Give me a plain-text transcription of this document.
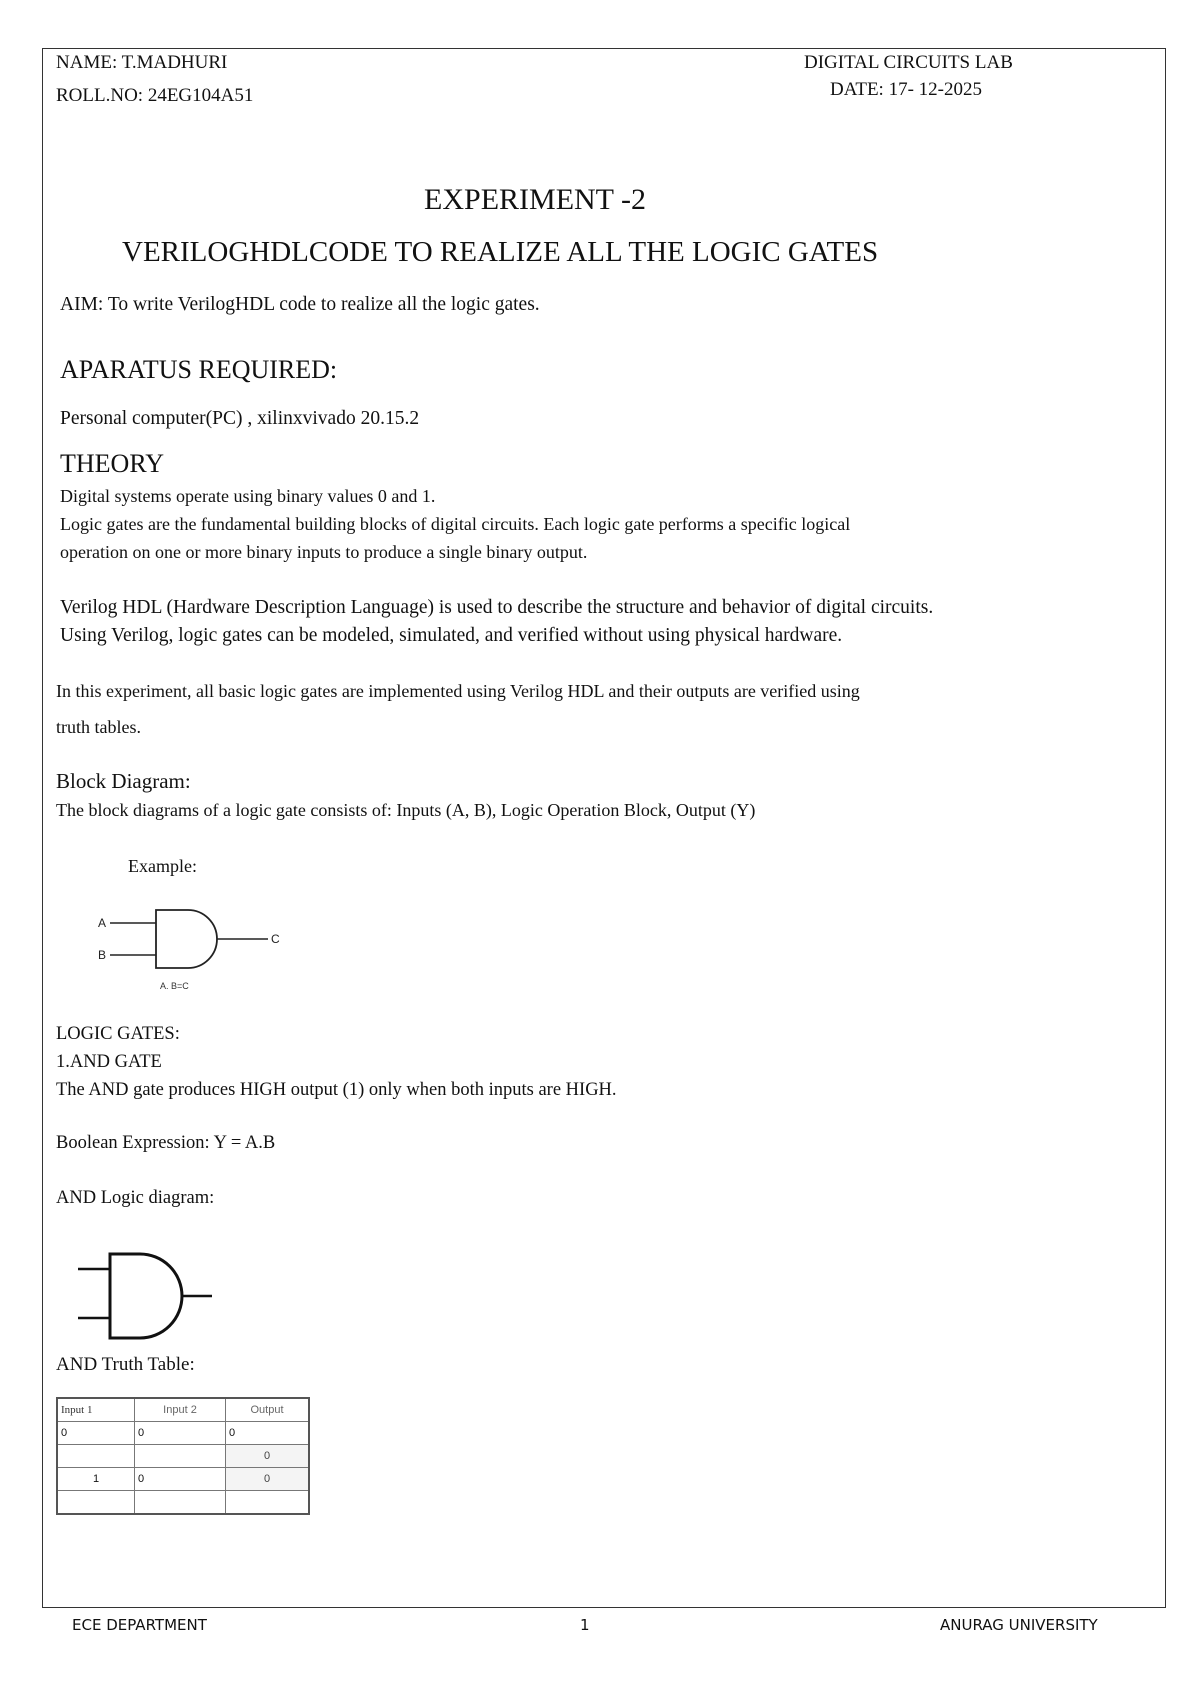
NAME: T.MADHURI
ROLL.NO: 24EG104A51
DIGITAL CIRCUITS LAB
DATE: 17- 12-2025
EXPERIMENT -2
VERILOGHDLCODE TO REALIZE ALL THE LOGIC GATES
AIM: To write VerilogHDL code to realize all the logic gates.
APARATUS REQUIRED:
Personal computer(PC) , xilinxvivado 20.15.2
THEORY
Digital systems operate using binary values 0 and 1.
Logic gates are the fundamental building blocks of digital circuits. Each logic gate performs a specific logical
operation on one or more binary inputs to produce a single binary output.
Verilog HDL (Hardware Description Language) is used to describe the structure and behavior of digital circuits.
Using Verilog, logic gates can be modeled, simulated, and verified without using physical hardware.
In this experiment, all basic logic gates are implemented using Verilog HDL and their outputs are verified using
truth tables.
Block Diagram:
The block diagrams of a logic gate consists of: Inputs (A, B), Logic Operation Block, Output (Y)
Example:
A
B
C
A. B=C
LOGIC GATES:
1.AND GATE
The AND gate produces HIGH output (1) only when both inputs are HIGH.
Boolean Expression: Y = A.B
AND Logic diagram:
AND Truth Table:
Input 1	Input 2	Output
0	0	0
		0
1	0	0

ECE DEPARTMENT	1	ANURAG UNIVERSITY
